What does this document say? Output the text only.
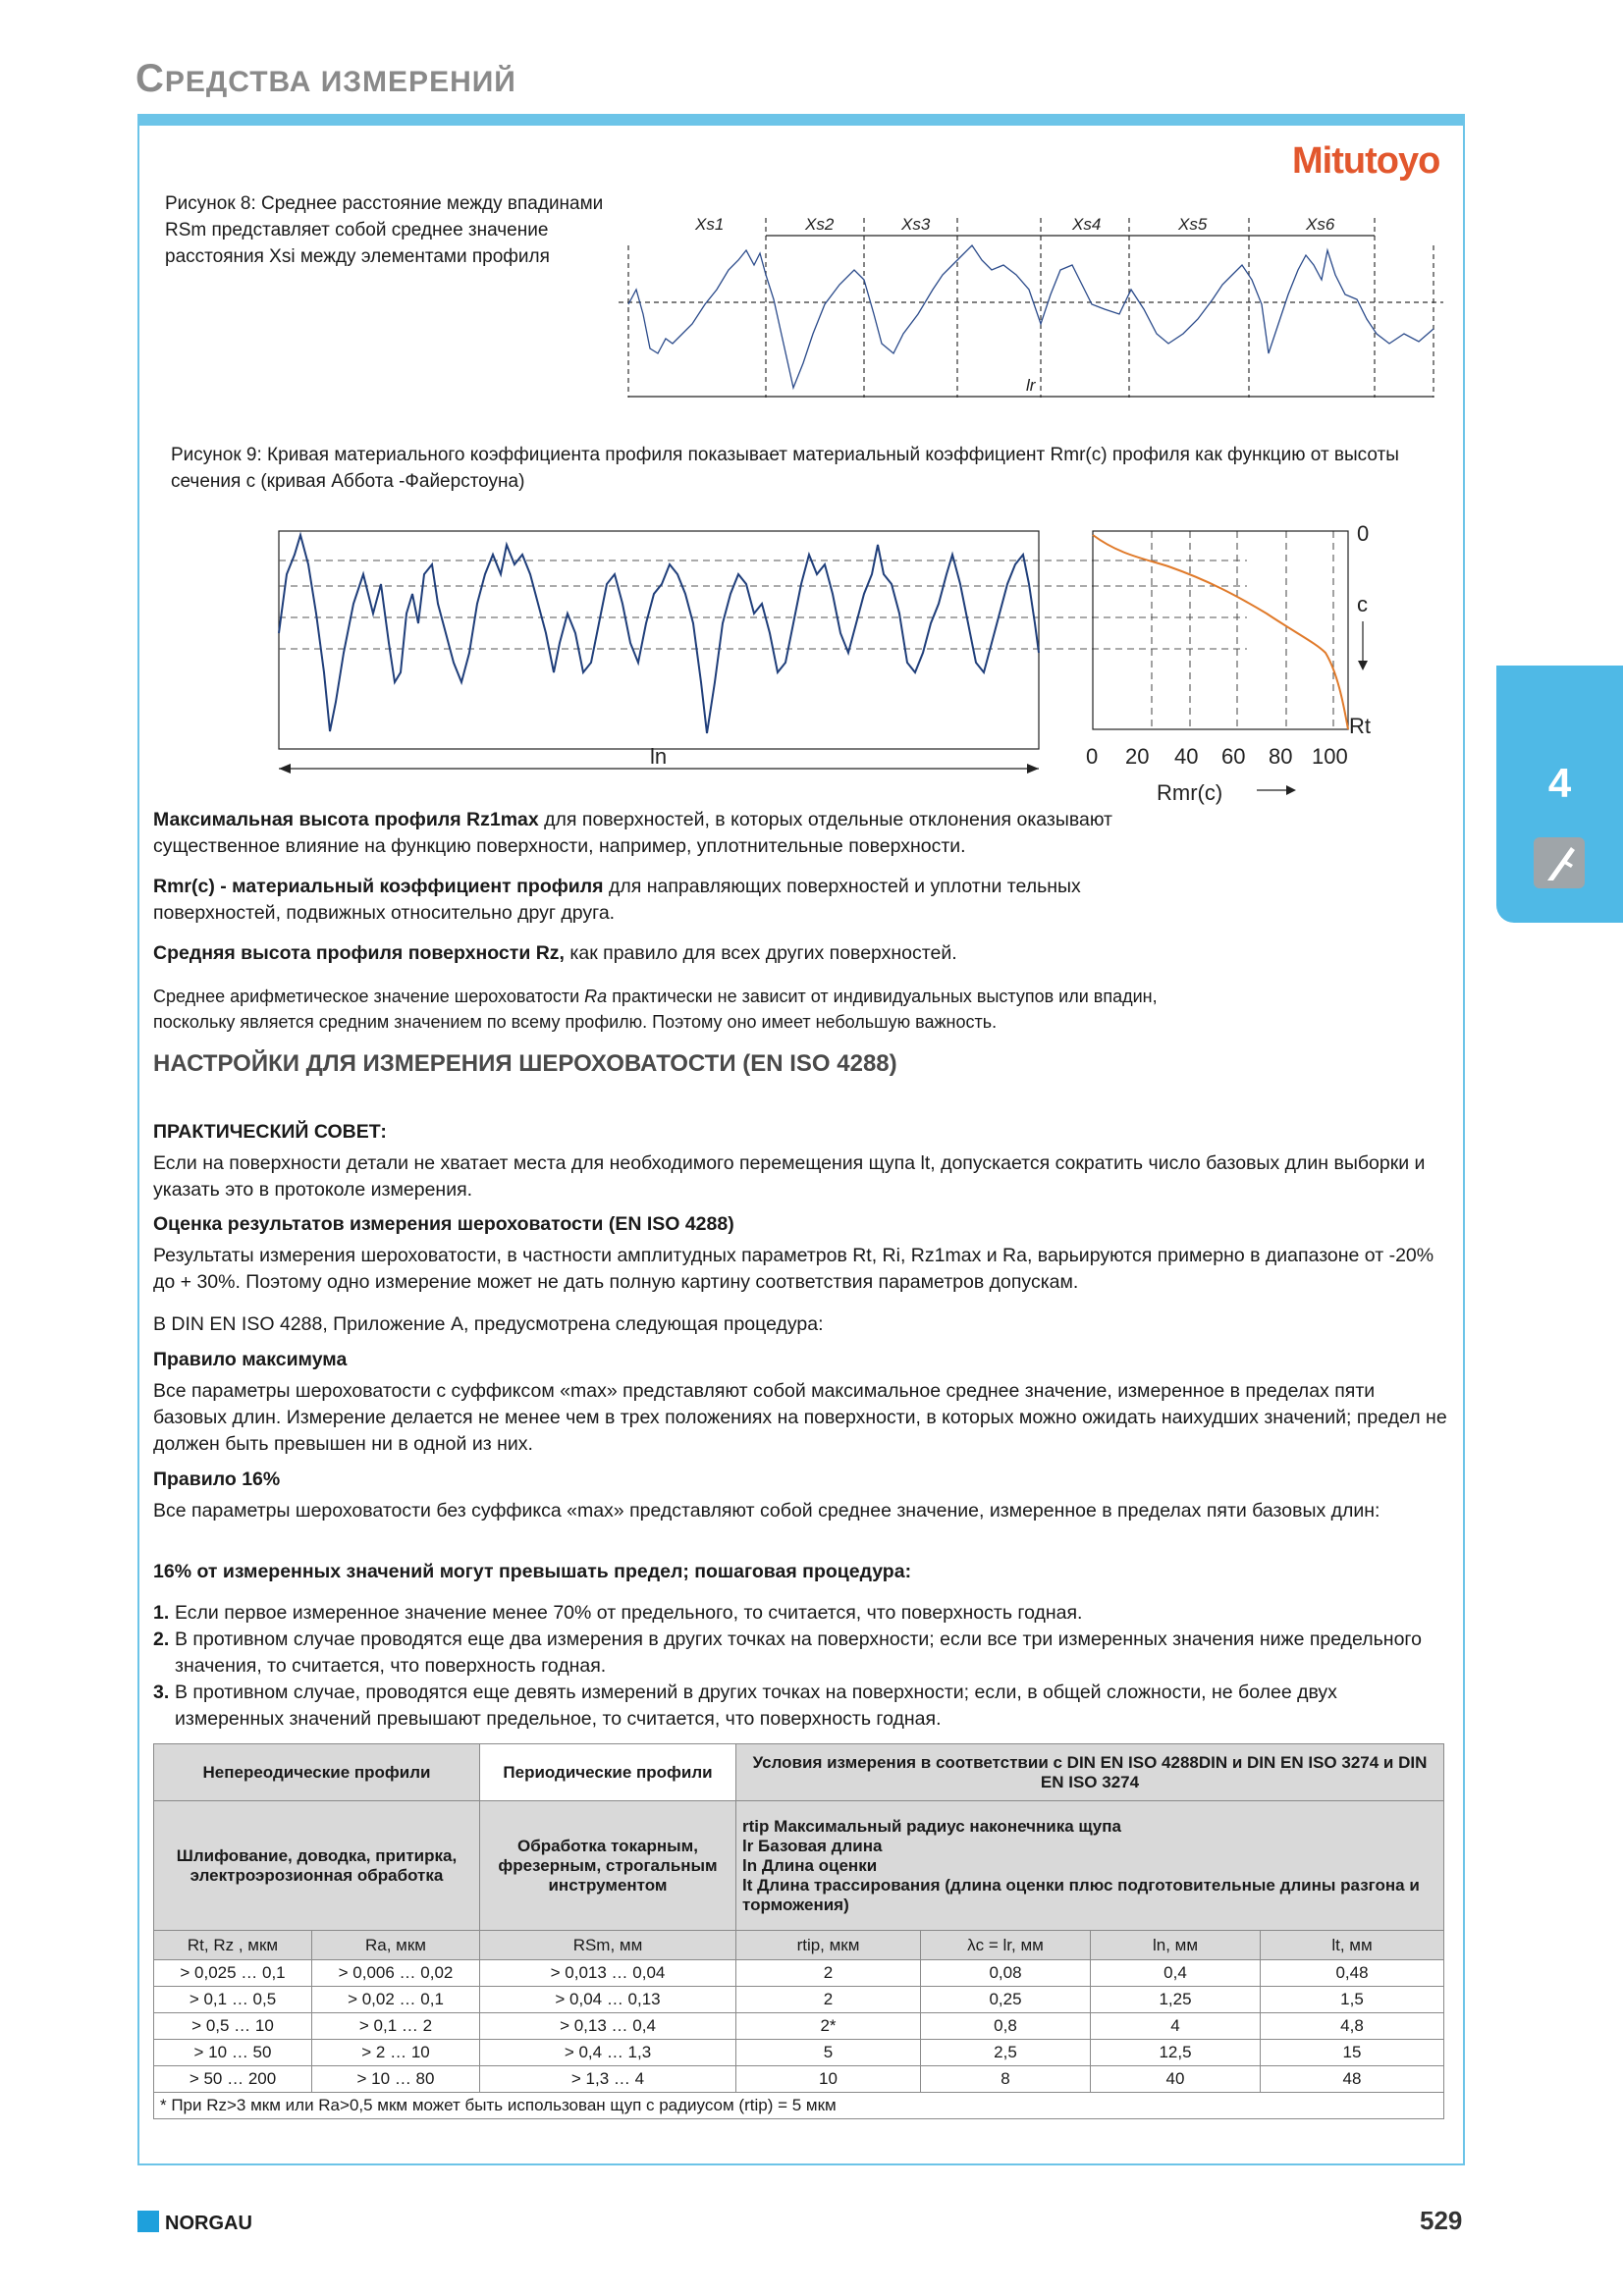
СРЕДСТВА ИЗМЕРЕНИЙ
Mitutoyo
Рисунок 8: Среднее расстояние между впадинами RSm представляет собой среднее значение расстояния Xsi между элементами профиля
Xs1	Xs2	Xs3	Xs4	Xs5	Xs6
lr
Рисунок 9: Кривая материального коэффициента профиля показывает материальный коэффициент Rmr(c) профиля как функцию от высоты сечения c (кривая Аббота -Файерстоуна)
ln
0
c
Rt
0 20 40 60 80 100
Rmr(c)	4
Максимальная высота профиля Rz1max для поверхностей, в которых отдельные отклонения оказывают существенное влияние на функцию поверхности, например, уплотнительные поверхности.
Rmr(c) - материальный коэффициент профиля для направляющих поверхностей и уплотни тельных поверхностей, подвижных относительно друг друга.
Средняя высота профиля поверхности Rz, как правило для всех других поверхностей.
Среднее арифметическое значение шероховатости Ra практически не зависит от индивидуальных выступов или впадин, поскольку является средним значением по всему профилю. Поэтому оно имеет небольшую важность.
НАСТРОЙКИ ДЛЯ ИЗМЕРЕНИЯ ШЕРОХОВАТОСТИ (EN ISO 4288)
ПРАКТИЧЕСКИЙ СОВЕТ:
Если на поверхности детали не хватает места для необходимого перемещения щупа lt, допускается сократить число базовых длин выборки и указать это в протоколе измерения.
Оценка результатов измерения шероховатости (EN ISO 4288)
Результаты измерения шероховатости, в частности амплитудных параметров Rt, Ri, Rz1max и Ra, варьируются примерно в диапазоне от -20% до + 30%. Поэтому одно измерение может не дать полную картину соответствия параметров допускам.
В DIN EN ISO 4288, Приложение А, предусмотрена следующая процедура:
Правило максимума
Все параметры шероховатости с суффиксом «max» представляют собой максимальное среднее значение, измеренное в пределах пяти базовых длин. Измерение делается не менее чем в трех положениях на поверхности, в которых можно ожидать наихудших значений; предел не должен быть превышен ни в одной из них.
Правило 16%
Все параметры шероховатости без суффикса «max» представляют собой среднее значение, измеренное в пределах пяти базовых длин:
16% от измеренных значений могут превышать предел; пошаговая процедура:
1. Если первое измеренное значение менее 70% от предельного, то считается, что поверхность годная.
2. В противном случае проводятся еще два измерения в других точках на поверхности; если все три измеренных значения ниже предельного значения, то считается, что поверхность годная.
3. В противном случае, проводятся еще девять измерений в других точках на поверхности; если, в общей сложности, не более двух измеренных значений превышают предельное, то считается, что поверхность годная.
Непереодические профили		Периодические профили	Условия измерения в соответствии с DIN EN ISO 4288DIN и DIN EN ISO 3274 и DIN EN ISO 3274			
Шлифование, доводка, притирка, электроэрозионная обработка		Обработка токарным, фрезерным, строгальным инструментом	rtip Максимальный радиус наконечника щупа
lr Базовая длина
ln Длина оценки
lt Длина трассирования (длина оценки плюс подготовительные длины разгона и торможения)			

Rt, Rz , мкм	Ra, мкм	RSm, мм	rtip, мкм	λc = lr, мм	ln, мм	lt, мм
> 0,025 … 0,1	> 0,006 … 0,02	> 0,013 … 0,04	2	0,08	0,4	0,48
> 0,1 … 0,5	> 0,02 … 0,1	> 0,04 … 0,13	2	0,25	1,25	1,5
> 0,5 … 10	> 0,1 … 2	> 0,13 … 0,4	2*	0,8	4	4,8
> 10 … 50	> 2 … 10	> 0,4 … 1,3	5	2,5	12,5	15
> 50 … 200	> 10 … 80	> 1,3 … 4	10	8	40	48
* При Rz>3 мкм или Ra>0,5 мкм может быть использован щуп с радиусом (rtip) = 5 мкм						
NORGAU	529
